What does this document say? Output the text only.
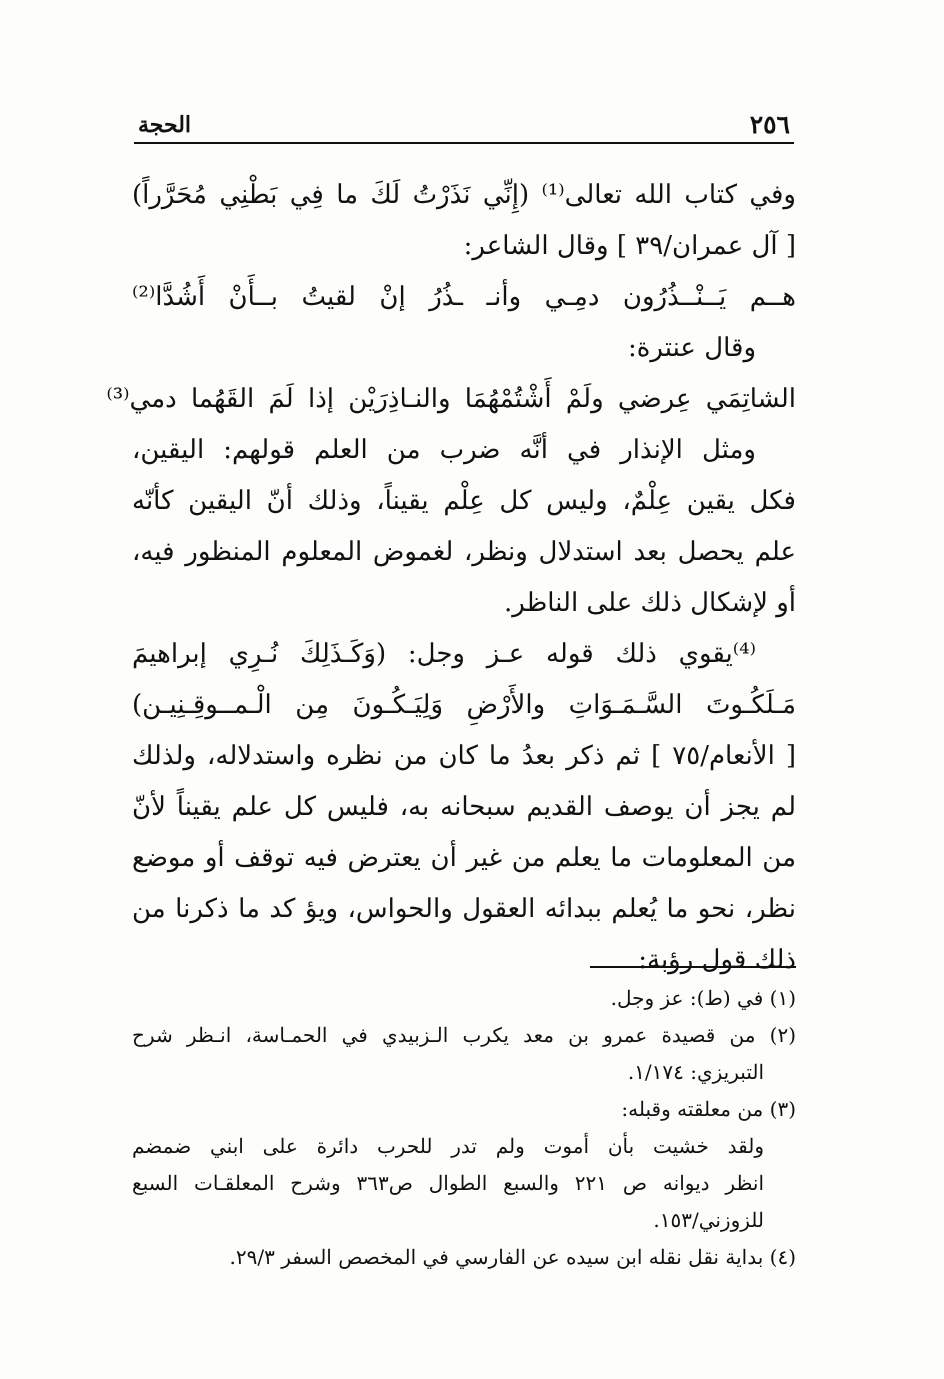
٢٥٦
الحجة
وفي كتاب الله تعالى⁽¹⁾ (إِنِّي نَذَرْتُ لَكَ ما فِي بَطْنِي مُحَرَّراً)
[ آل عمران/٣٩ ] وقال الشاعر:
هــم يَــنْــذُرُون دمِـي وأنـ ـذُرُ إنْ لقيتُ بــأَنْ أَشُدَّا⁽²⁾
وقال عنترة:
الشاتِمَي عِرضي ولَمْ أَشْتُمْهُمَا والنـاذِرَيْن إذا لَمَ القَهُما دمي⁽³⁾
ومثل الإنذار في أنَّه ضرب من العلم قولهم: اليقين،
فكل يقين عِلْمٌ، وليس كل عِلْم يقيناً، وذلك أنّ اليقين كأنّه
علم يحصل بعد استدلال ونظر، لغموض المعلوم المنظور فيه،
أو لإشكال ذلك على الناظر.
⁽⁴⁾يقوي ذلك قوله عـز وجل: (وَكَـذَلِكَ نُـرِي إبراهيمَ
مَـلَكُـوتَ السَّـمَـوَاتِ والأَرْضِ وَلِيَـكُـونَ مِن الْـمــوقِـنِيـن)
[ الأنعام/٧٥ ] ثم ذكر بعدُ ما كان من نظره واستدلاله، ولذلك
لم يجز أن يوصف القديم سبحانه به، فليس كل علم يقيناً لأنّ
من المعلومات ما يعلم من غير أن يعترض فيه توقف أو موضع
نظر، نحو ما يُعلم ببدائه العقول والحواس، ويؤ كد ما ذكرنا من
ذلك قول رؤبة:
(١) في (ط): عز وجل.
(٢) من قصيدة عمرو بن معد يكرب الـزبيدي في الحمـاسة، انـظر شرح
التبريزي: ١/١٧٤.
(٣) من معلقته وقبله:
ولقد خشيت بأن أموت ولم تدر للحرب دائرة على ابني ضمضم
انظر ديوانه ص ٢٢١ والسبع الطوال ص٣٦٣ وشرح المعلقـات السبع
للزوزني/١٥٣.
(٤) بداية نقل نقله ابن سيده عن الفارسي في المخصص السفر ٢٩/٣.
